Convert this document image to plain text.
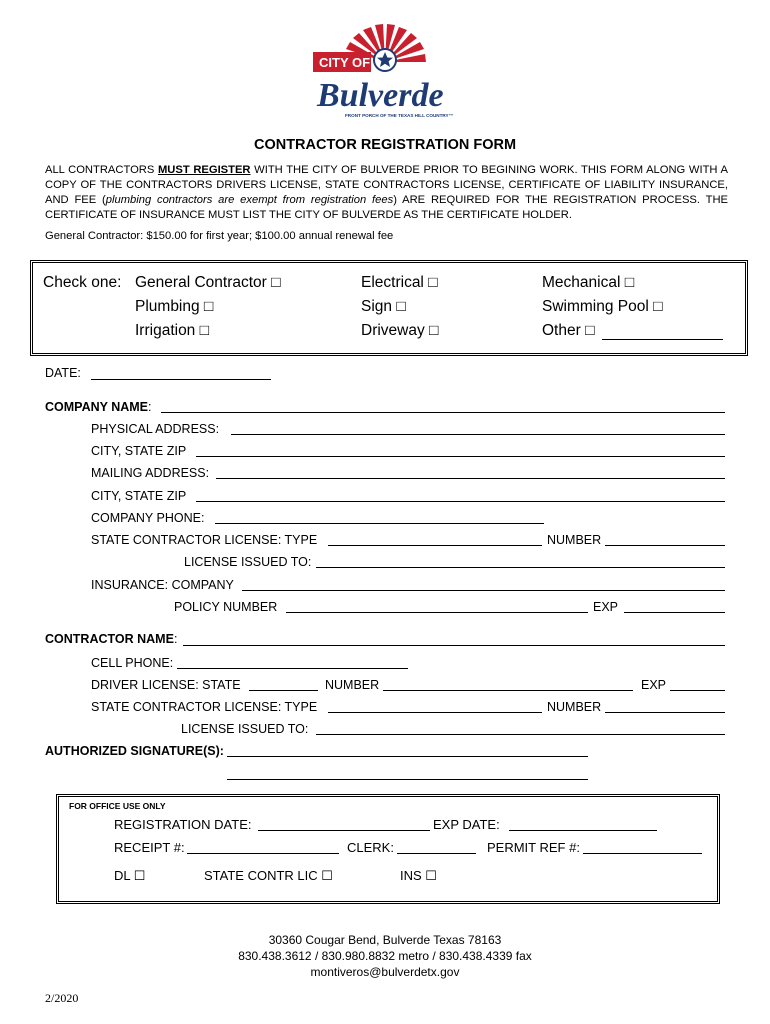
CITY OF
Bulverde
FRONT PORCH OF THE TEXAS HILL COUNTRY™
CONTRACTOR REGISTRATION FORM

ALL CONTRACTORS MUST REGISTER WITH THE CITY OF BULVERDE PRIOR TO BEGINING WORK. THIS FORM ALONG WITH A COPY OF THE CONTRACTORS DRIVERS LICENSE, STATE CONTRACTORS LICENSE, CERTIFICATE OF LIABILITY INSURANCE, AND FEE (plumbing contractors are exempt from registration fees) ARE REQUIRED FOR THE REGISTRATION PROCESS. THE CERTIFICATE OF INSURANCE MUST LIST THE CITY OF BULVERDE AS THE CERTIFICATE HOLDER.

General Contractor: $150.00 for first year; $100.00 annual renewal fee
Check one: General Contractor □	Electrical □	Mechanical □
Plumbing □	Sign □	Swimming Pool □
Irrigation □	Driveway □	Other □
DATE:
COMPANY NAME:
PHYSICAL ADDRESS:
CITY, STATE ZIP
MAILING ADDRESS:
CITY, STATE ZIP
COMPANY PHONE:
STATE CONTRACTOR LICENSE: TYPE	NUMBER
LICENSE ISSUED TO:
INSURANCE: COMPANY
POLICY NUMBER	EXP
CONTRACTOR NAME:
CELL PHONE:
DRIVER LICENSE: STATE	NUMBER	EXP
STATE CONTRACTOR LICENSE: TYPE	NUMBER
LICENSE ISSUED TO:
AUTHORIZED SIGNATURE(S):
FOR OFFICE USE ONLY
REGISTRATION DATE:	EXP DATE:
RECEIPT #:	CLERK:	PERMIT REF #:
DL ☐	STATE CONTR LIC ☐	INS ☐
30360 Cougar Bend, Bulverde Texas 78163
830.438.3612 / 830.980.8832 metro / 830.438.4339 fax
montiveros@bulverdetx.gov
2/2020
